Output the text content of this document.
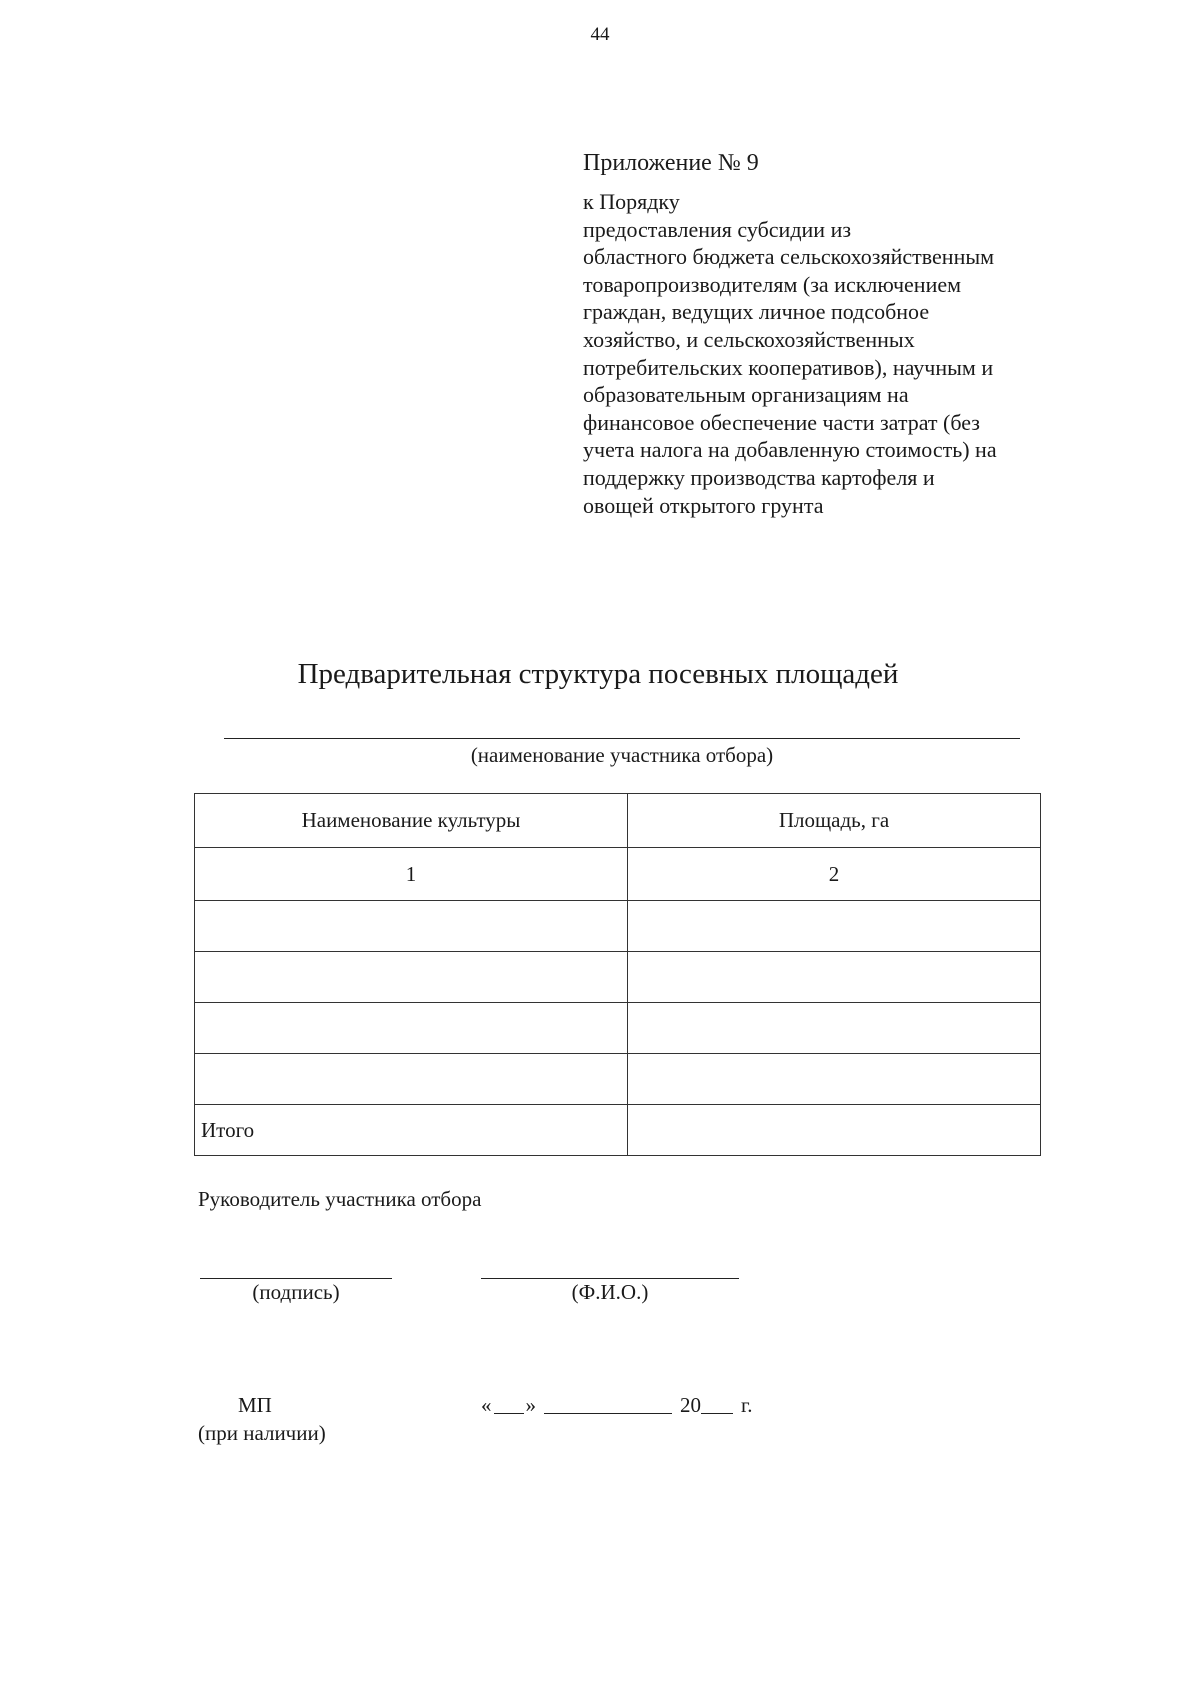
44
Приложение № 9
к Порядку
предоставления субсидии из
областного бюджета сельскохозяйственным
товаропроизводителям (за исключением
граждан, ведущих личное подсобное
хозяйство, и сельскохозяйственных
потребительских кооперативов), научным и
образовательным организациям на
финансовое обеспечение части затрат (без
учета налога на добавленную стоимость) на
поддержку производства картофеля и
овощей открытого грунта
Предварительная структура посевных площадей
(наименование участника отбора)
Наименование культуры	Площадь, га
1	2

Итого	
Руководитель участника отбора
(подпись)	(Ф.И.О.)
МП
(при наличии)
« »	20 г.
